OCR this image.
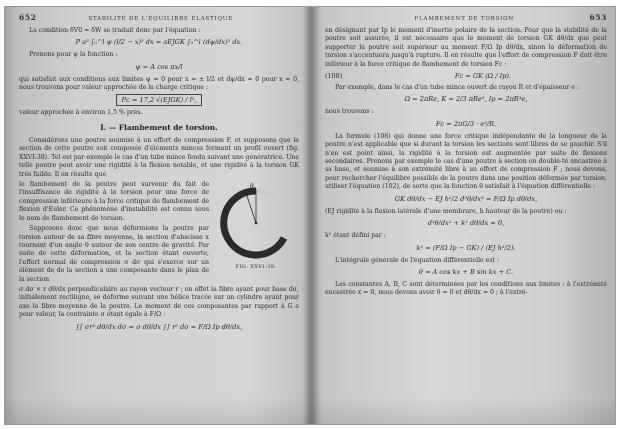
652	STABILITÉ DE L'ÉQUILIBRE ÉLASTIQUE

La condition δV0 = δW se traduit donc par l'équation :

P a² ∫₀^l ψ (l/2 − x)² dx = aEJGK ∫₀^l (dψ/dx)² dx.

Prenons pour ψ la fonction :

ψ = A cos πx/l

qui satisfait aux conditions aux limites ψ = 0 pour x = ± l/2 et dψ/dx = 0 pour x = 0, nous trouvons pour valeur approchée de la charge critique :

Pc = 17,2 √(EJGK) / l²,

valeur approchée à environ 1,5 % près.

I. — Flambement de torsion.

Considérons une poutre soumise à un effort de compression F, et supposons que la section de cette poutre soit composée d'éléments minces formant un profil ouvert (fig. XXVI-38). Tel est par exemple le cas d'un tube mince fendu suivant une génératrice. Une telle poutre peut avoir une rigidité à la flexion notable, et une rigidité à la torsion GK très faible. Il en résulte que

le flambement de la poutre peut survenir du fait de l'insuffisance de rigidité à la torsion pour une force de compression inférieure à la force critique de flambement de flexion d'Euler. Ce phénomène d'instabilité est connu sous le nom de flambement de torsion.

Supposons donc que nous déformions la poutre par torsion autour de sa fibre moyenne, la section d'abscisse x tournant d'un angle θ autour de son centre de gravité. Par suite de cette déformation, et la section étant ouverte, l'effort normal de compression σ dσ qui s'exerce sur un élément de de la section a une composante dans le plan de la section

θ
FIG. XXVI-38.

σ dσ × r dθ/dx perpendiculaire au rayon vecteur r ; en effet la fibre ayant pour base dσ, initialement rectiligne, se déforme suivant une hélice tracée sur un cylindre ayant pour axe la fibre moyenne de la poutre. Le moment de ces composantes par rapport à G a pour valeur, la contrainte σ étant égale à F/Ω :

∫∫ σr² dθ/dx dσ = σ dθ/dx ∫∫ r² dσ = F/Ω Ip dθ/dx,
FLAMBEMENT DE TORSION	653

en désignant par Ip le moment d'inertie polaire de la section. Pour que la stabilité de la poutre soit assurée, il est nécessaire que le moment de torsion GK dθ/dx que peut supporter la poutre soit supérieur au moment F/Ω Ip dθ/dx, sinon la déformation de torsion s'accentuera jusqu'à rupture. Il en résulte que l'effort de compression F doit être inférieur à la force critique de flambement de torsion Fc :

(108)	Fc = GK (Ω / Ip).

Par exemple, dans le cas d'un tube mince ouvert de rayon R et d'épaisseur e :

Ω = 2πRe, K = 2/3 πRe³, Ip = 2πR³e,

nous trouvons :

Fc = 2πG/3 · e³/R.

La formule (108) qui donne une force critique indépendante de la longueur de la poutre n'est applicable que si durant la torsion les sections sont libres de se gauchir. S'il n'en est point ainsi, la rigidité à la torsion est augmentée par suite de flexions secondaires. Prenons par exemple le cas d'une poutre à section en double-té encastrée à sa base, et soumise à son extrémité libre à un effort de compression F ; nous devons, pour rechercher l'équilibre possible de la poutre dans une position déformée par torsion, utiliser l'équation (102), de sorte que la fonction θ satisfait à l'équation différentielle :

GK dθ/dx − EJ h²/2 d³θ/dx³ = F/Ω Ip dθ/dx,

(EJ rigidité à la flexion latérale d'une membrure, h hauteur de la poutre) ou :

d²θ/dx² + k² dθ/dx = 0,

k² étant défini par :

k² = (F/Ω Ip − GK) / (EJ h²/2).

L'intégrale générale de l'équation différentielle est :

θ = A cos kx + B sin kx + C.

Les constantes A, B, C sont déterminées par les conditions aux limites : à l'extrémité encastrée x = 0, nous devons avoir θ = 0 et dθ/dx = 0 ; à l'extré-
